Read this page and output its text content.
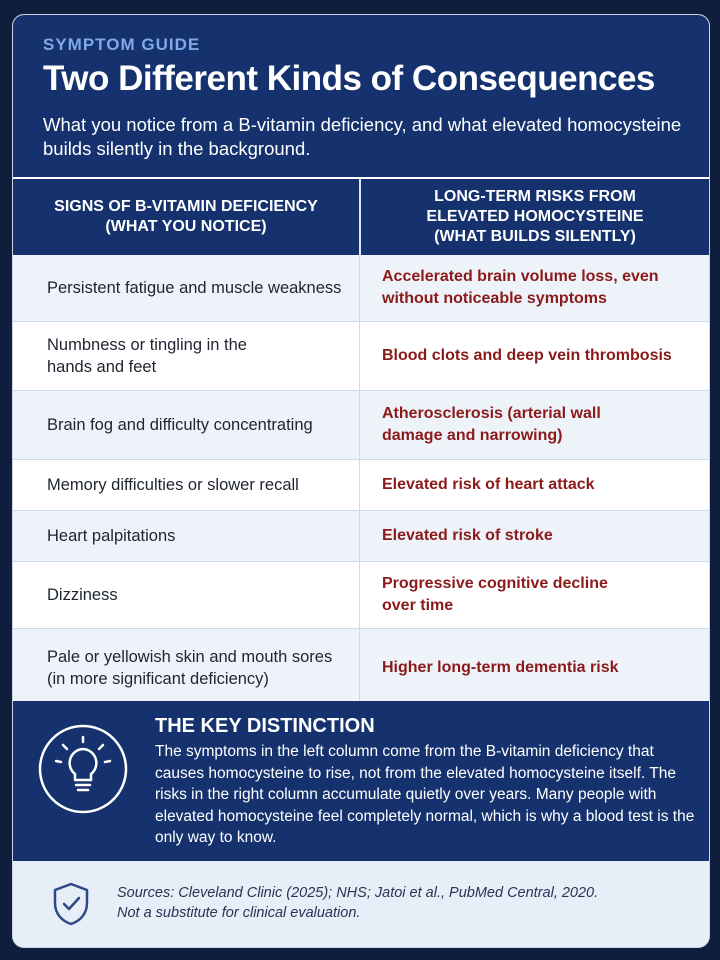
SYMPTOM GUIDE
Two Different Kinds of Consequences
What you notice from a B-vitamin deficiency, and what elevated homocysteine builds silently in the background.
SIGNS OF B-VITAMIN DEFICIENCY (WHAT YOU NOTICE)
LONG-TERM RISKS FROM ELEVATED HOMOCYSTEINE (WHAT BUILDS SILENTLY)
Persistent fatigue and muscle weakness
Accelerated brain volume loss, even without noticeable symptoms
Numbness or tingling in the hands and feet
Blood clots and deep vein thrombosis
Brain fog and difficulty concentrating
Atherosclerosis (arterial wall damage and narrowing)
Memory difficulties or slower recall	Elevated risk of heart attack
Heart palpitations	Elevated risk of stroke
Dizziness
Progressive cognitive decline over time
Pale or yellowish skin and mouth sores (in more significant deficiency)
Higher long-term dementia risk
THE KEY DISTINCTION
The symptoms in the left column come from the B-vitamin deficiency that causes homocysteine to rise, not from the elevated homocysteine itself. The risks in the right column accumulate quietly over years. Many people with elevated homocysteine feel completely normal, which is why a blood test is the only way to know.
Sources: Cleveland Clinic (2025); NHS; Jatoi et al., PubMed Central, 2020.
Not a substitute for clinical evaluation.
